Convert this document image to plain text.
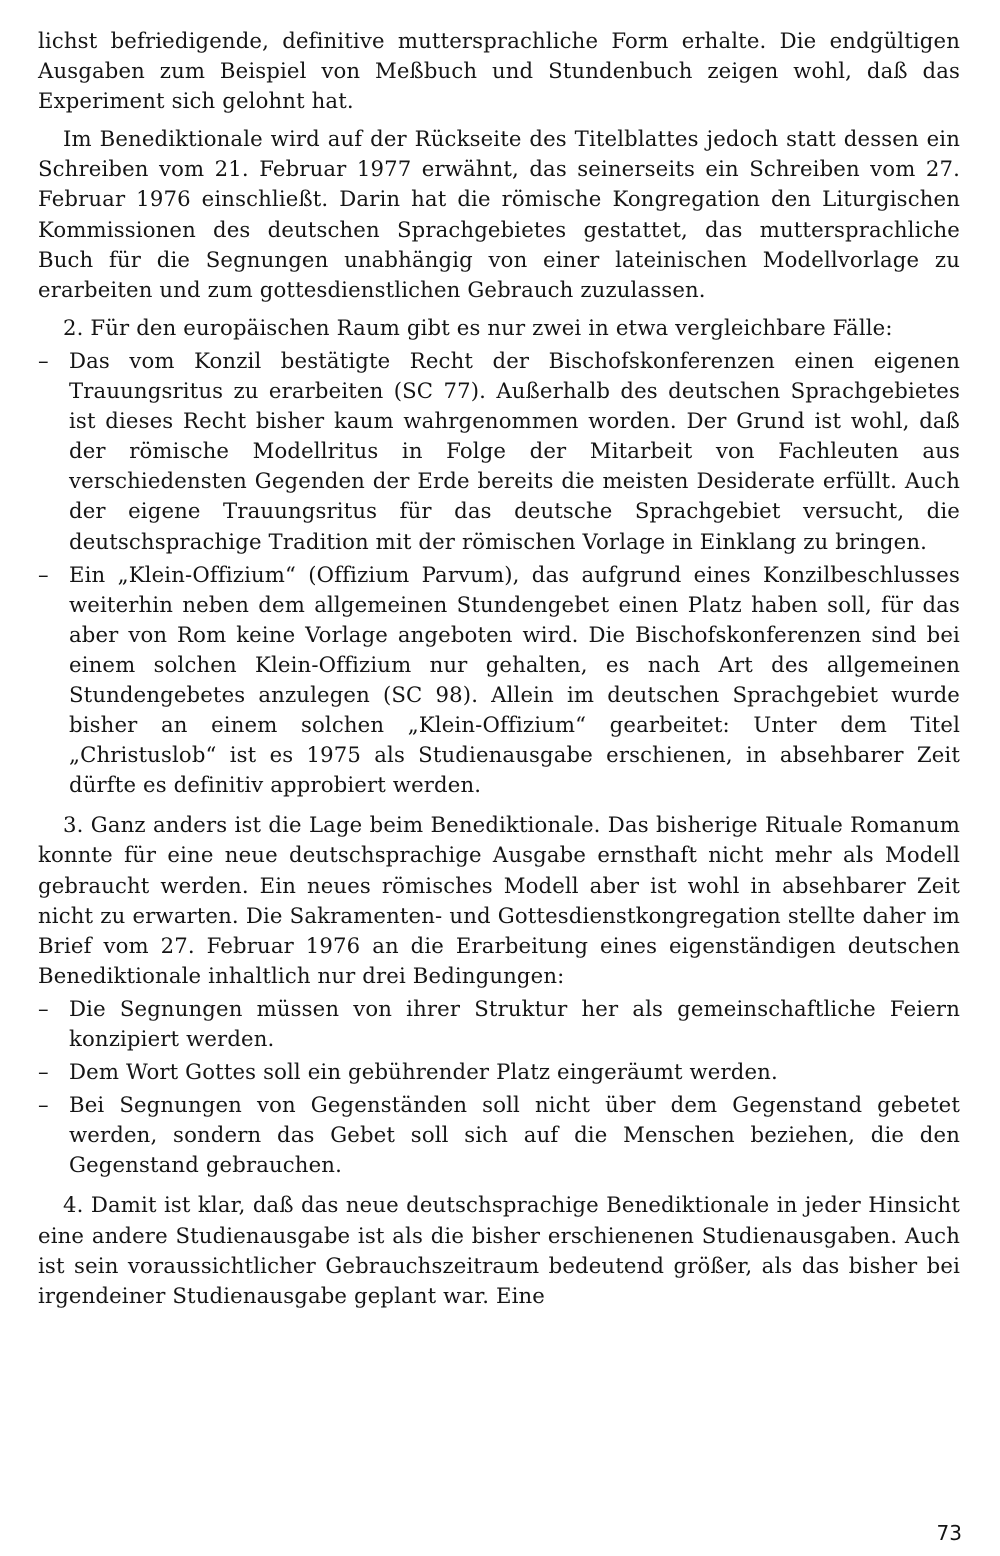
lichst befriedigende, definitive muttersprachliche Form erhalte. Die endgültigen Ausgaben zum Beispiel von Meßbuch und Stundenbuch zeigen wohl, daß das Experiment sich gelohnt hat.

Im Benediktionale wird auf der Rückseite des Titelblattes jedoch statt dessen ein Schreiben vom 21. Februar 1977 erwähnt, das seinerseits ein Schreiben vom 27. Februar 1976 einschließt. Darin hat die römische Kongregation den Liturgischen Kommissionen des deutschen Sprachgebietes gestattet, das muttersprachliche Buch für die Segnungen unabhängig von einer lateinischen Modellvorlage zu erarbeiten und zum gottesdienstlichen Gebrauch zuzulassen.

2. Für den europäischen Raum gibt es nur zwei in etwa vergleichbare Fälle:

– Das vom Konzil bestätigte Recht der Bischofskonferenzen einen eigenen Trauungsritus zu erarbeiten (SC 77). Außerhalb des deutschen Sprachgebietes ist dieses Recht bisher kaum wahrgenommen worden. Der Grund ist wohl, daß der römische Modellritus in Folge der Mitarbeit von Fachleuten aus verschiedensten Gegenden der Erde bereits die meisten Desiderate erfüllt. Auch der eigene Trauungsritus für das deutsche Sprachgebiet versucht, die deutschsprachige Tradition mit der römischen Vorlage in Einklang zu bringen.
– Ein „Klein-Offizium“ (Offizium Parvum), das aufgrund eines Konzilbeschlusses weiterhin neben dem allgemeinen Stundengebet einen Platz haben soll, für das aber von Rom keine Vorlage angeboten wird. Die Bischofskonferenzen sind bei einem solchen Klein-Offizium nur gehalten, es nach Art des allgemeinen Stundengebetes anzulegen (SC 98). Allein im deutschen Sprachgebiet wurde bisher an einem solchen „Klein-Offizium“ gearbeitet: Unter dem Titel „Christuslob“ ist es 1975 als Studienausgabe erschienen, in absehbarer Zeit dürfte es definitiv approbiert werden.

3. Ganz anders ist die Lage beim Benediktionale. Das bisherige Rituale Romanum konnte für eine neue deutschsprachige Ausgabe ernsthaft nicht mehr als Modell gebraucht werden. Ein neues römisches Modell aber ist wohl in absehbarer Zeit nicht zu erwarten. Die Sakramenten- und Gottesdienstkongregation stellte daher im Brief vom 27. Februar 1976 an die Erarbeitung eines eigenständigen deutschen Benediktionale inhaltlich nur drei Bedingungen:

– Die Segnungen müssen von ihrer Struktur her als gemeinschaftliche Feiern konzipiert werden.
– Dem Wort Gottes soll ein gebührender Platz eingeräumt werden.
– Bei Segnungen von Gegenständen soll nicht über dem Gegenstand gebetet werden, sondern das Gebet soll sich auf die Menschen beziehen, die den Gegenstand gebrauchen.

4. Damit ist klar, daß das neue deutschsprachige Benediktionale in jeder Hinsicht eine andere Studienausgabe ist als die bisher erschienenen Studienausgaben. Auch ist sein voraussichtlicher Gebrauchszeitraum bedeutend größer, als das bisher bei irgendeiner Studienausgabe geplant war. Eine

73
